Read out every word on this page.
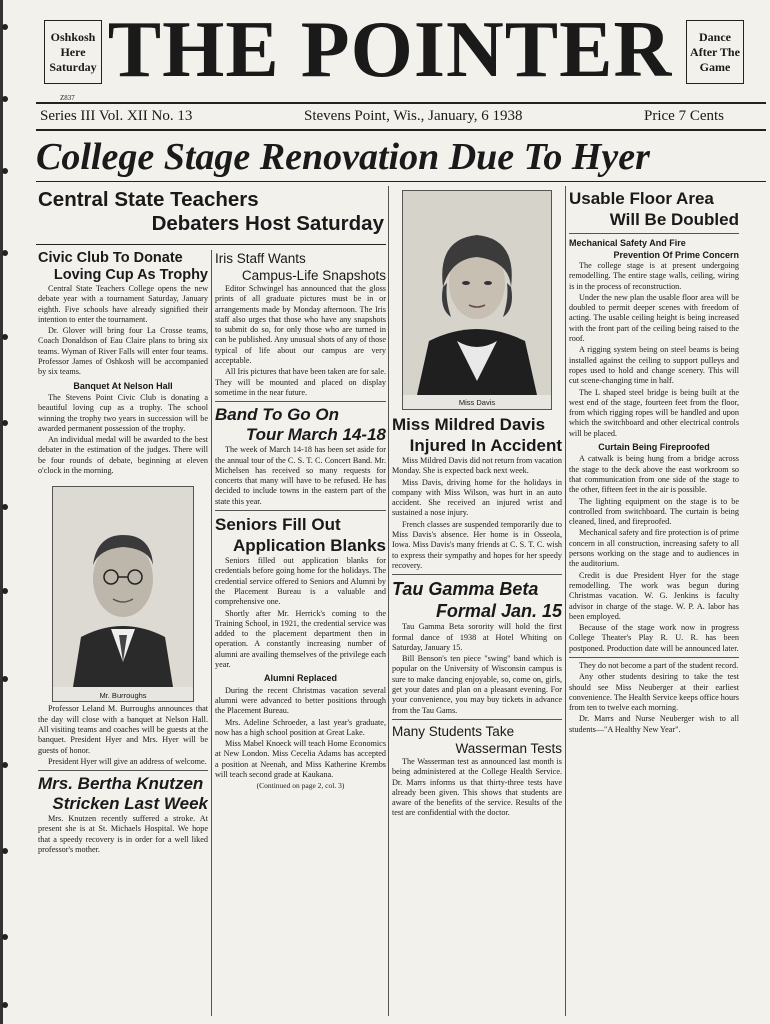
Oshkosh
Here
Saturday THE POINTER	Dance
After The
Game
Z837
Series III Vol. XII No. 13	Stevens Point, Wis., January, 6 1938	Price 7 Cents
College Stage Renovation Due To Hyer
Central State Teachers
Debaters Host Saturday
Civic Club To Donate
Loving Cup As Trophy

Central State Teachers College opens the new debate year with a tournament Saturday, January eighth. Five schools have already signified their intention to enter the tournament.

Dr. Glover will bring four La Crosse teams, Coach Donaldson of Eau Claire plans to bring six teams. Wyman of River Falls will enter four teams. Professor James of Oshkosh will be accompanied by six teams.

Banquet At Nelson Hall

The Stevens Point Civic Club is donating a beautiful loving cup as a trophy. The school winning the trophy two years in succession will be awarded permanent possession of the trophy.

An individual medal will be awarded to the best debater in the estimation of the judges. There will be four rounds of debate, beginning at eleven o'clock in the morning.

Mr. Burroughs

Professor Leland M. Burroughs announces that the day will close with a banquet at Nelson Hall. All visiting teams and coaches will be guests at the banquet. President Hyer and Mrs. Hyer will be guests of honor.

President Hyer will give an address of welcome.

Mrs. Bertha Knutzen
Stricken Last Week

Mrs. Knutzen recently suffered a stroke. At present she is at St. Michaels Hospital. We hope that a speedy recovery is in order for a well liked professor's mother.

Iris Staff Wants
Campus-Life Snapshots

Editor Schwingel has announced that the gloss prints of all graduate pictures must be in or arrangements made by Monday afternoon. The Iris staff also urges that those who have any snapshots to submit do so, for only those who are turned in can be published. Any unusual shots of any of those typical of life about our campus are very acceptable.

All Iris pictures that have been taken are for sale. They will be mounted and placed on display sometime in the near future.

Band To Go On
Tour March 14-18

The week of March 14-18 has been set aside for the annual tour of the C. S. T. C. Concert Band. Mr. Michelsen has received so many requests for concerts that many will have to be refused. He has decided to include towns in the eastern part of the state this year.

Seniors Fill Out
Application Blanks

Seniors filled out application blanks for credentials before going home for the holidays. The credential service offered to Seniors and Alumni by the Placement Bureau is a valuable and comprehensive one.

Shortly after Mr. Herrick's coming to the Training School, in 1921, the credential service was added to the placement department then in operation. A constantly increasing number of alumni are availing themselves of the privilege each year.

Alumni Replaced

During the recent Christmas vacation several alumni were advanced to better positions through the Placement Bureau.

Mrs. Adeline Schroeder, a last year's graduate, now has a high school position at Great Lake.

Miss Mabel Knoeck will teach Home Economics at New London. Miss Cecelia Adams has accepted a position at Neenah, and Miss Katherine Krembs will teach second grade at Kaukana.

(Continued on page 2, col. 3)
Miss Davis
Miss Mildred Davis
Injured In Accident

Miss Mildred Davis did not return from vacation Monday. She is expected back next week.

Miss Davis, driving home for the holidays in company with Miss Wilson, was hurt in an auto accident. She received an injured wrist and sustained a nose injury.

French classes are suspended temporarily due to Miss Davis's absence. Her home is in Osseola, Iowa. Miss Davis's many friends at C. S. T. C. wish to express their sympathy and hopes for her speedy recovery.

Tau Gamma Beta
Formal Jan. 15

Tau Gamma Beta sorority will hold the first formal dance of 1938 at Hotel Whiting on Saturday, January 15.

Bill Benson's ten piece "swing" band which is popular on the University of Wisconsin campus is sure to make dancing enjoyable, so, come on, girls, get your dates and plan on a pleasant evening. For your convenience, you may buy tickets in advance from the Tau Gams.

Many Students Take
Wasserman Tests

The Wasserman test as announced last month is being administered at the College Health Service. Dr. Marrs informs us that thirty-three tests have already been given. This shows that students are aware of the benefits of the service. Results of the test are confidential with the doctor.

Usable Floor Area
Will Be Doubled
Mechanical Safety And Fire
Prevention Of Prime Concern

The college stage is at present undergoing remodelling. The entire stage walls, ceiling, wiring is in the process of reconstruction.

Under the new plan the usable floor area will be doubled to permit deeper scenes with freedom of acting. The usable ceiling height is being increased with the front part of the ceiling being raised to the roof.

A rigging system being on steel beams is being installed against the ceiling to support pulleys and ropes used to hold and change scenery. This will cut scene-changing time in half.

The L shaped steel bridge is being built at the west end of the stage, fourteen feet from the floor, from which rigging ropes will be handled and upon which the switchboard and other electrical controls will be placed.

Curtain Being Fireproofed

A catwalk is being hung from a bridge across the stage to the deck above the east workroom so that communication from one side of the stage to the other, fifteen feet in the air is possible.

The lighting equipment on the stage is to be controlled from switchboard. The curtain is being cleaned, lined, and fireproofed.

Mechanical safety and fire protection is of prime concern in all construction, increasing safety to all persons working on the stage and to audiences in the auditorium.

Credit is due President Hyer for the stage remodelling. The work was begun during Christmas vacation. W. G. Jenkins is faculty advisor in charge of the stage. W. P. A. labor has been employed.

Because of the stage work now in progress College Theater's Play R. U. R. has been postponed. Production date will be announced later.

They do not become a part of the student record.

Any other students desiring to take the test should see Miss Neuberger at their earliest convenience. The Health Service keeps office hours from ten to twelve each morning.

Dr. Marrs and Nurse Neuberger wish to all students—"A Healthy New Year".
